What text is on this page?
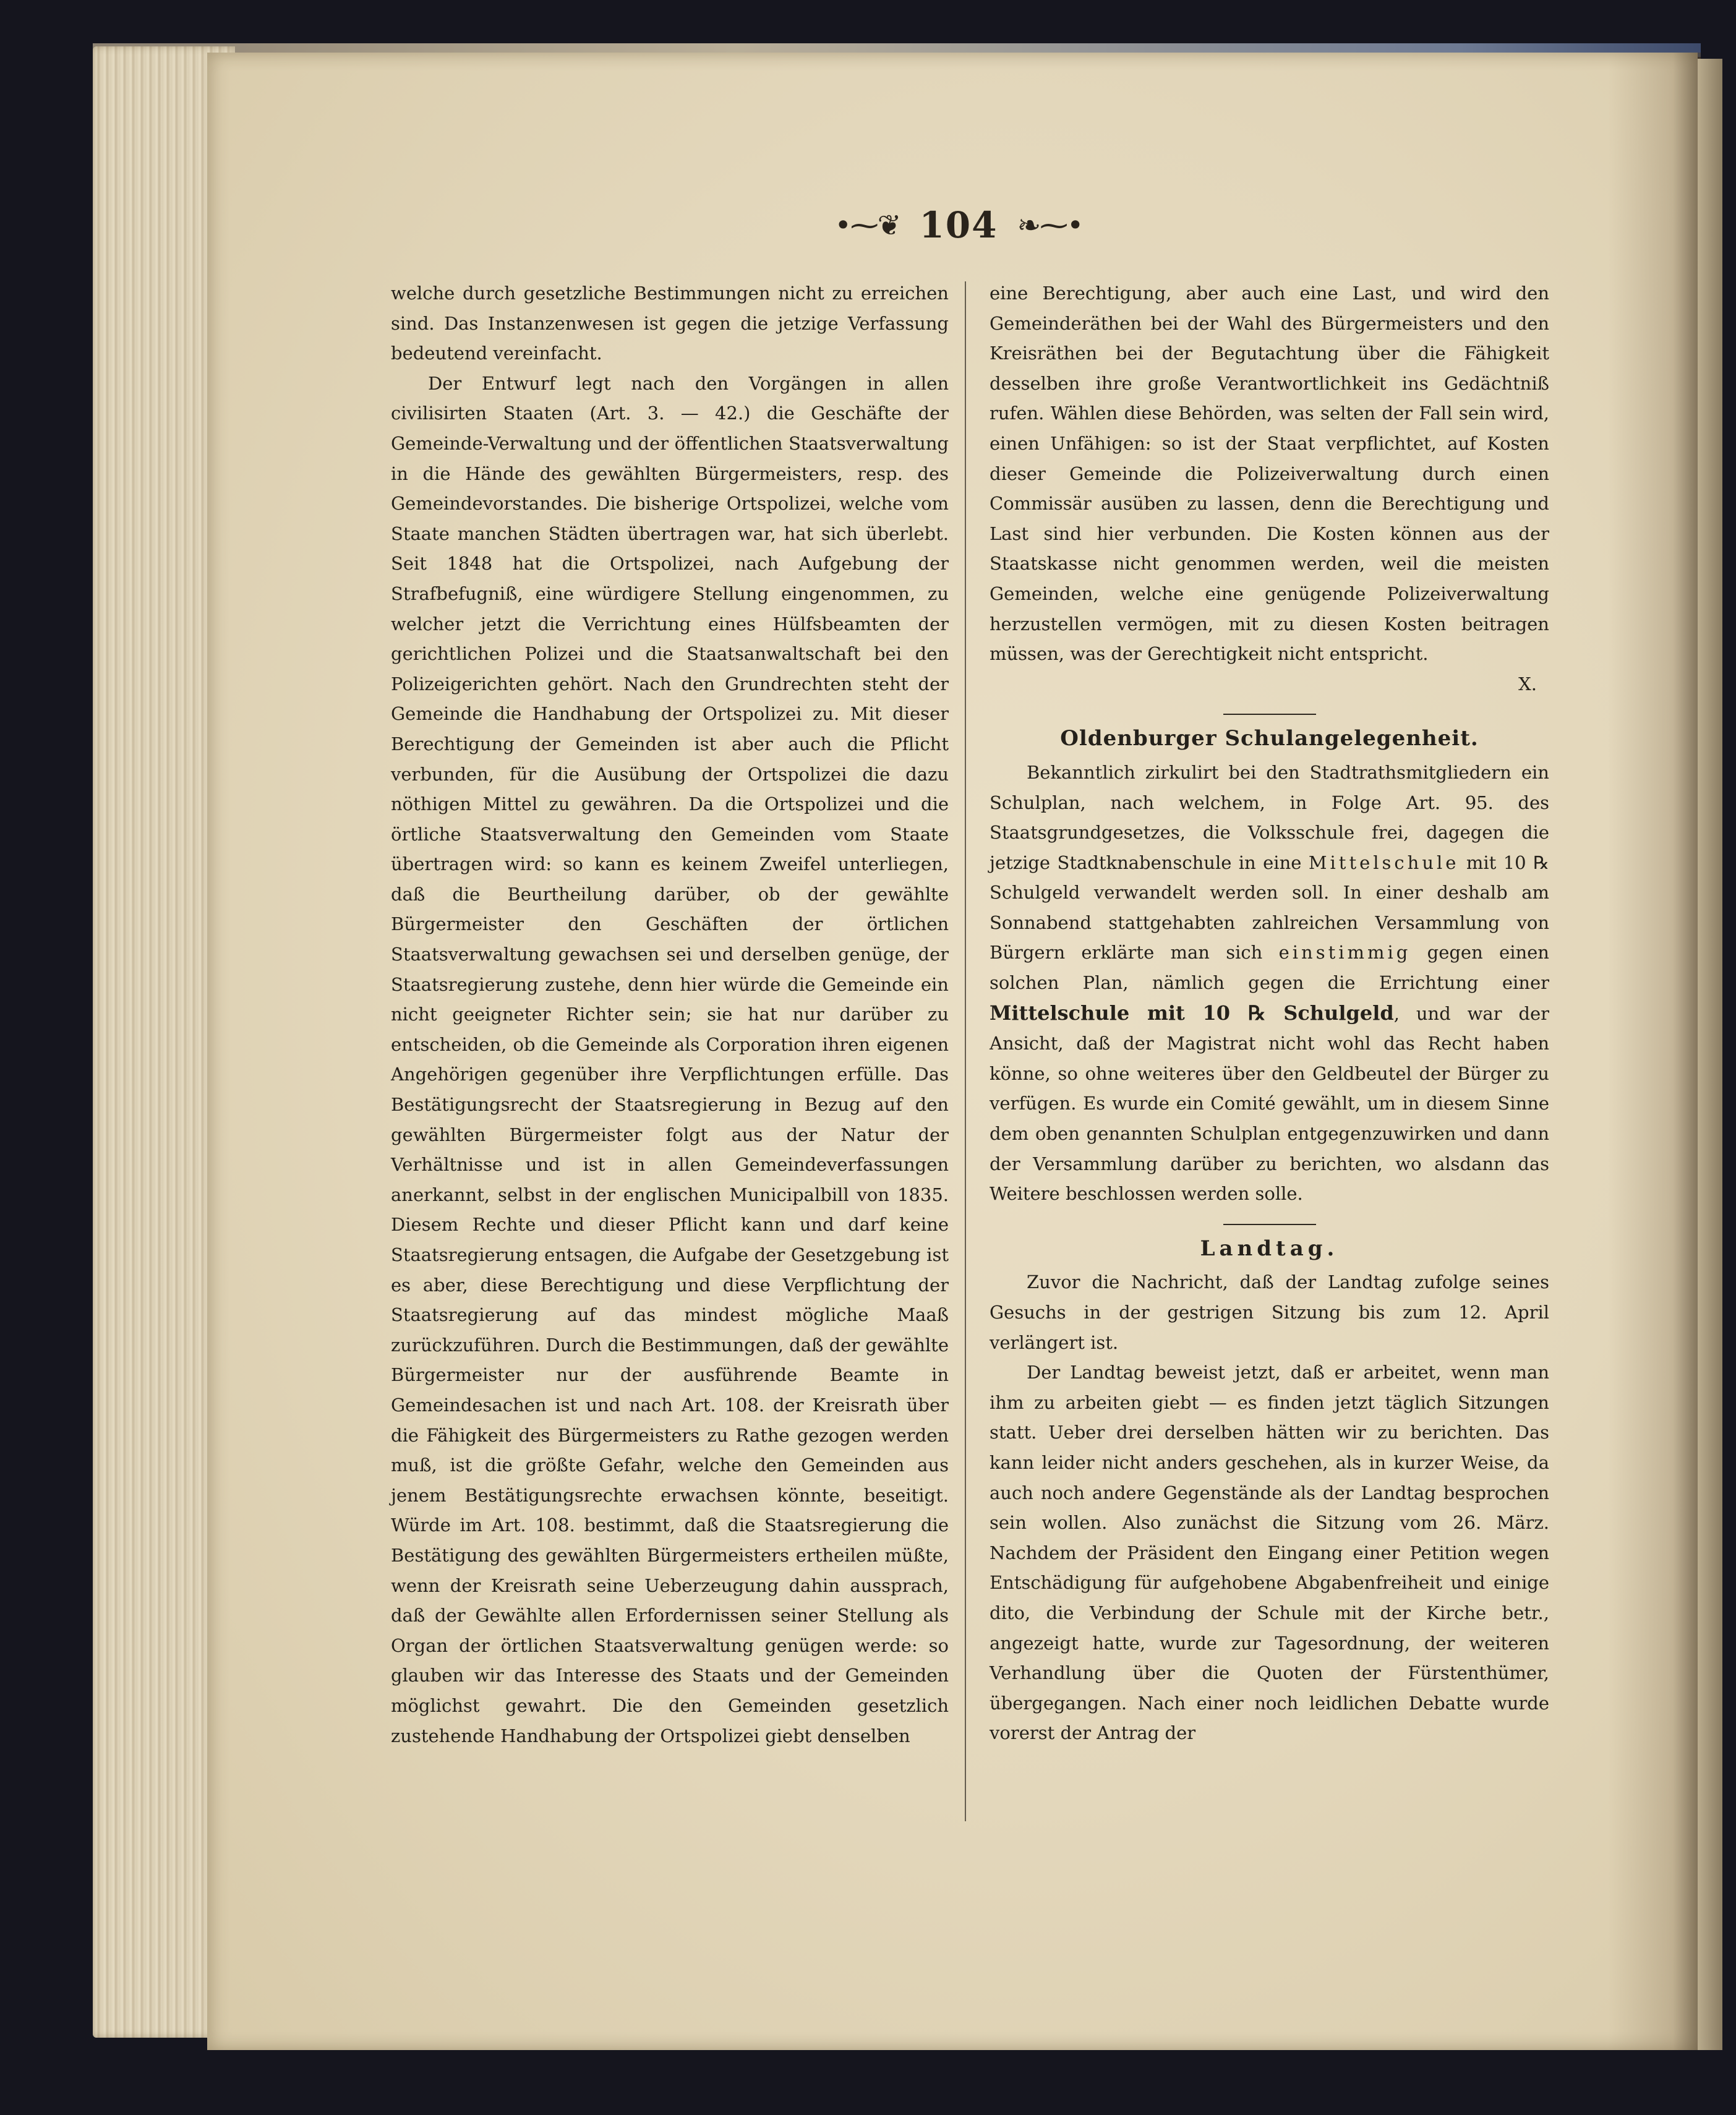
•⁓❦ 104 ❧⁓•

welche durch gesetzliche Bestimmungen nicht zu erreichen sind. Das Instanzenwesen ist gegen die jetzige Verfassung bedeutend vereinfacht.

Der Entwurf legt nach den Vorgängen in allen civilisirten Staaten (Art. 3. — 42.) die Geschäfte der Gemeinde-Verwaltung und der öffentlichen Staatsverwaltung in die Hände des gewählten Bürgermeisters, resp. des Gemeindevorstandes. Die bisherige Ortspolizei, welche vom Staate manchen Städten übertragen war, hat sich überlebt. Seit 1848 hat die Ortspolizei, nach Aufgebung der Strafbefugniß, eine würdigere Stellung eingenommen, zu welcher jetzt die Verrichtung eines Hülfsbeamten der gerichtlichen Polizei und die Staatsanwaltschaft bei den Polizeigerichten gehört. Nach den Grundrechten steht der Gemeinde die Handhabung der Ortspolizei zu. Mit dieser Berechtigung der Gemeinden ist aber auch die Pflicht verbunden, für die Ausübung der Ortspolizei die dazu nöthigen Mittel zu gewähren. Da die Ortspolizei und die örtliche Staatsverwaltung den Gemeinden vom Staate übertragen wird: so kann es keinem Zweifel unterliegen, daß die Beurtheilung darüber, ob der gewählte Bürgermeister den Geschäften der örtlichen Staatsverwaltung gewachsen sei und derselben genüge, der Staatsregierung zustehe, denn hier würde die Gemeinde ein nicht geeigneter Richter sein; sie hat nur darüber zu entscheiden, ob die Gemeinde als Corporation ihren eigenen Angehörigen gegenüber ihre Verpflichtungen erfülle. Das Bestätigungsrecht der Staatsregierung in Bezug auf den gewählten Bürgermeister folgt aus der Natur der Verhältnisse und ist in allen Gemeindeverfassungen anerkannt, selbst in der englischen Municipalbill von 1835. Diesem Rechte und dieser Pflicht kann und darf keine Staatsregierung entsagen, die Aufgabe der Gesetzgebung ist es aber, diese Berechtigung und diese Verpflichtung der Staatsregierung auf das mindest mögliche Maaß zurückzuführen. Durch die Bestimmungen, daß der gewählte Bürgermeister nur der ausführende Beamte in Gemeindesachen ist und nach Art. 108. der Kreisrath über die Fähigkeit des Bürgermeisters zu Rathe gezogen werden muß, ist die größte Gefahr, welche den Gemeinden aus jenem Bestätigungsrechte erwachsen könnte, beseitigt. Würde im Art. 108. bestimmt, daß die Staatsregierung die Bestätigung des gewählten Bürgermeisters ertheilen müßte, wenn der Kreisrath seine Ueberzeugung dahin aussprach, daß der Gewählte allen Erfordernissen seiner Stellung als Organ der örtlichen Staatsverwaltung genügen werde: so glauben wir das Interesse des Staats und der Gemeinden möglichst gewahrt. Die den Gemeinden gesetzlich zustehende Handhabung der Ortspolizei giebt denselben

eine Berechtigung, aber auch eine Last, und wird den Gemeinderäthen bei der Wahl des Bürgermeisters und den Kreisräthen bei der Begutachtung über die Fähigkeit desselben ihre große Verantwortlichkeit ins Gedächtniß rufen. Wählen diese Behörden, was selten der Fall sein wird, einen Unfähigen: so ist der Staat verpflichtet, auf Kosten dieser Gemeinde die Polizeiverwaltung durch einen Commissär ausüben zu lassen, denn die Berechtigung und Last sind hier verbunden. Die Kosten können aus der Staatskasse nicht genommen werden, weil die meisten Gemeinden, welche eine genügende Polizeiverwaltung herzustellen vermögen, mit zu diesen Kosten beitragen müssen, was der Gerechtigkeit nicht entspricht.

X.

Oldenburger Schulangelegenheit.

Bekanntlich zirkulirt bei den Stadtrathsmitgliedern ein Schulplan, nach welchem, in Folge Art. 95. des Staatsgrundgesetzes, die Volksschule frei, dagegen die jetzige Stadtknabenschule in eine Mittelschule mit 10 ℞ Schulgeld verwandelt werden soll. In einer deshalb am Sonnabend stattgehabten zahlreichen Versammlung von Bürgern erklärte man sich einstimmig gegen einen solchen Plan, nämlich gegen die Errichtung einer Mittelschule mit 10 ℞ Schulgeld, und war der Ansicht, daß der Magistrat nicht wohl das Recht haben könne, so ohne weiteres über den Geldbeutel der Bürger zu verfügen. Es wurde ein Comité gewählt, um in diesem Sinne dem oben genannten Schulplan entgegenzuwirken und dann der Versammlung darüber zu berichten, wo alsdann das Weitere beschlossen werden solle.

Landtag.

Zuvor die Nachricht, daß der Landtag zufolge seines Gesuchs in der gestrigen Sitzung bis zum 12. April verlängert ist.

Der Landtag beweist jetzt, daß er arbeitet, wenn man ihm zu arbeiten giebt — es finden jetzt täglich Sitzungen statt. Ueber drei derselben hätten wir zu berichten. Das kann leider nicht anders geschehen, als in kurzer Weise, da auch noch andere Gegenstände als der Landtag besprochen sein wollen. Also zunächst die Sitzung vom 26. März. Nachdem der Präsident den Eingang einer Petition wegen Entschädigung für aufgehobene Abgabenfreiheit und einige dito, die Verbindung der Schule mit der Kirche betr., angezeigt hatte, wurde zur Tagesordnung, der weiteren Verhandlung über die Quoten der Fürstenthümer, übergegangen. Nach einer noch leidlichen Debatte wurde vorerst der Antrag der
